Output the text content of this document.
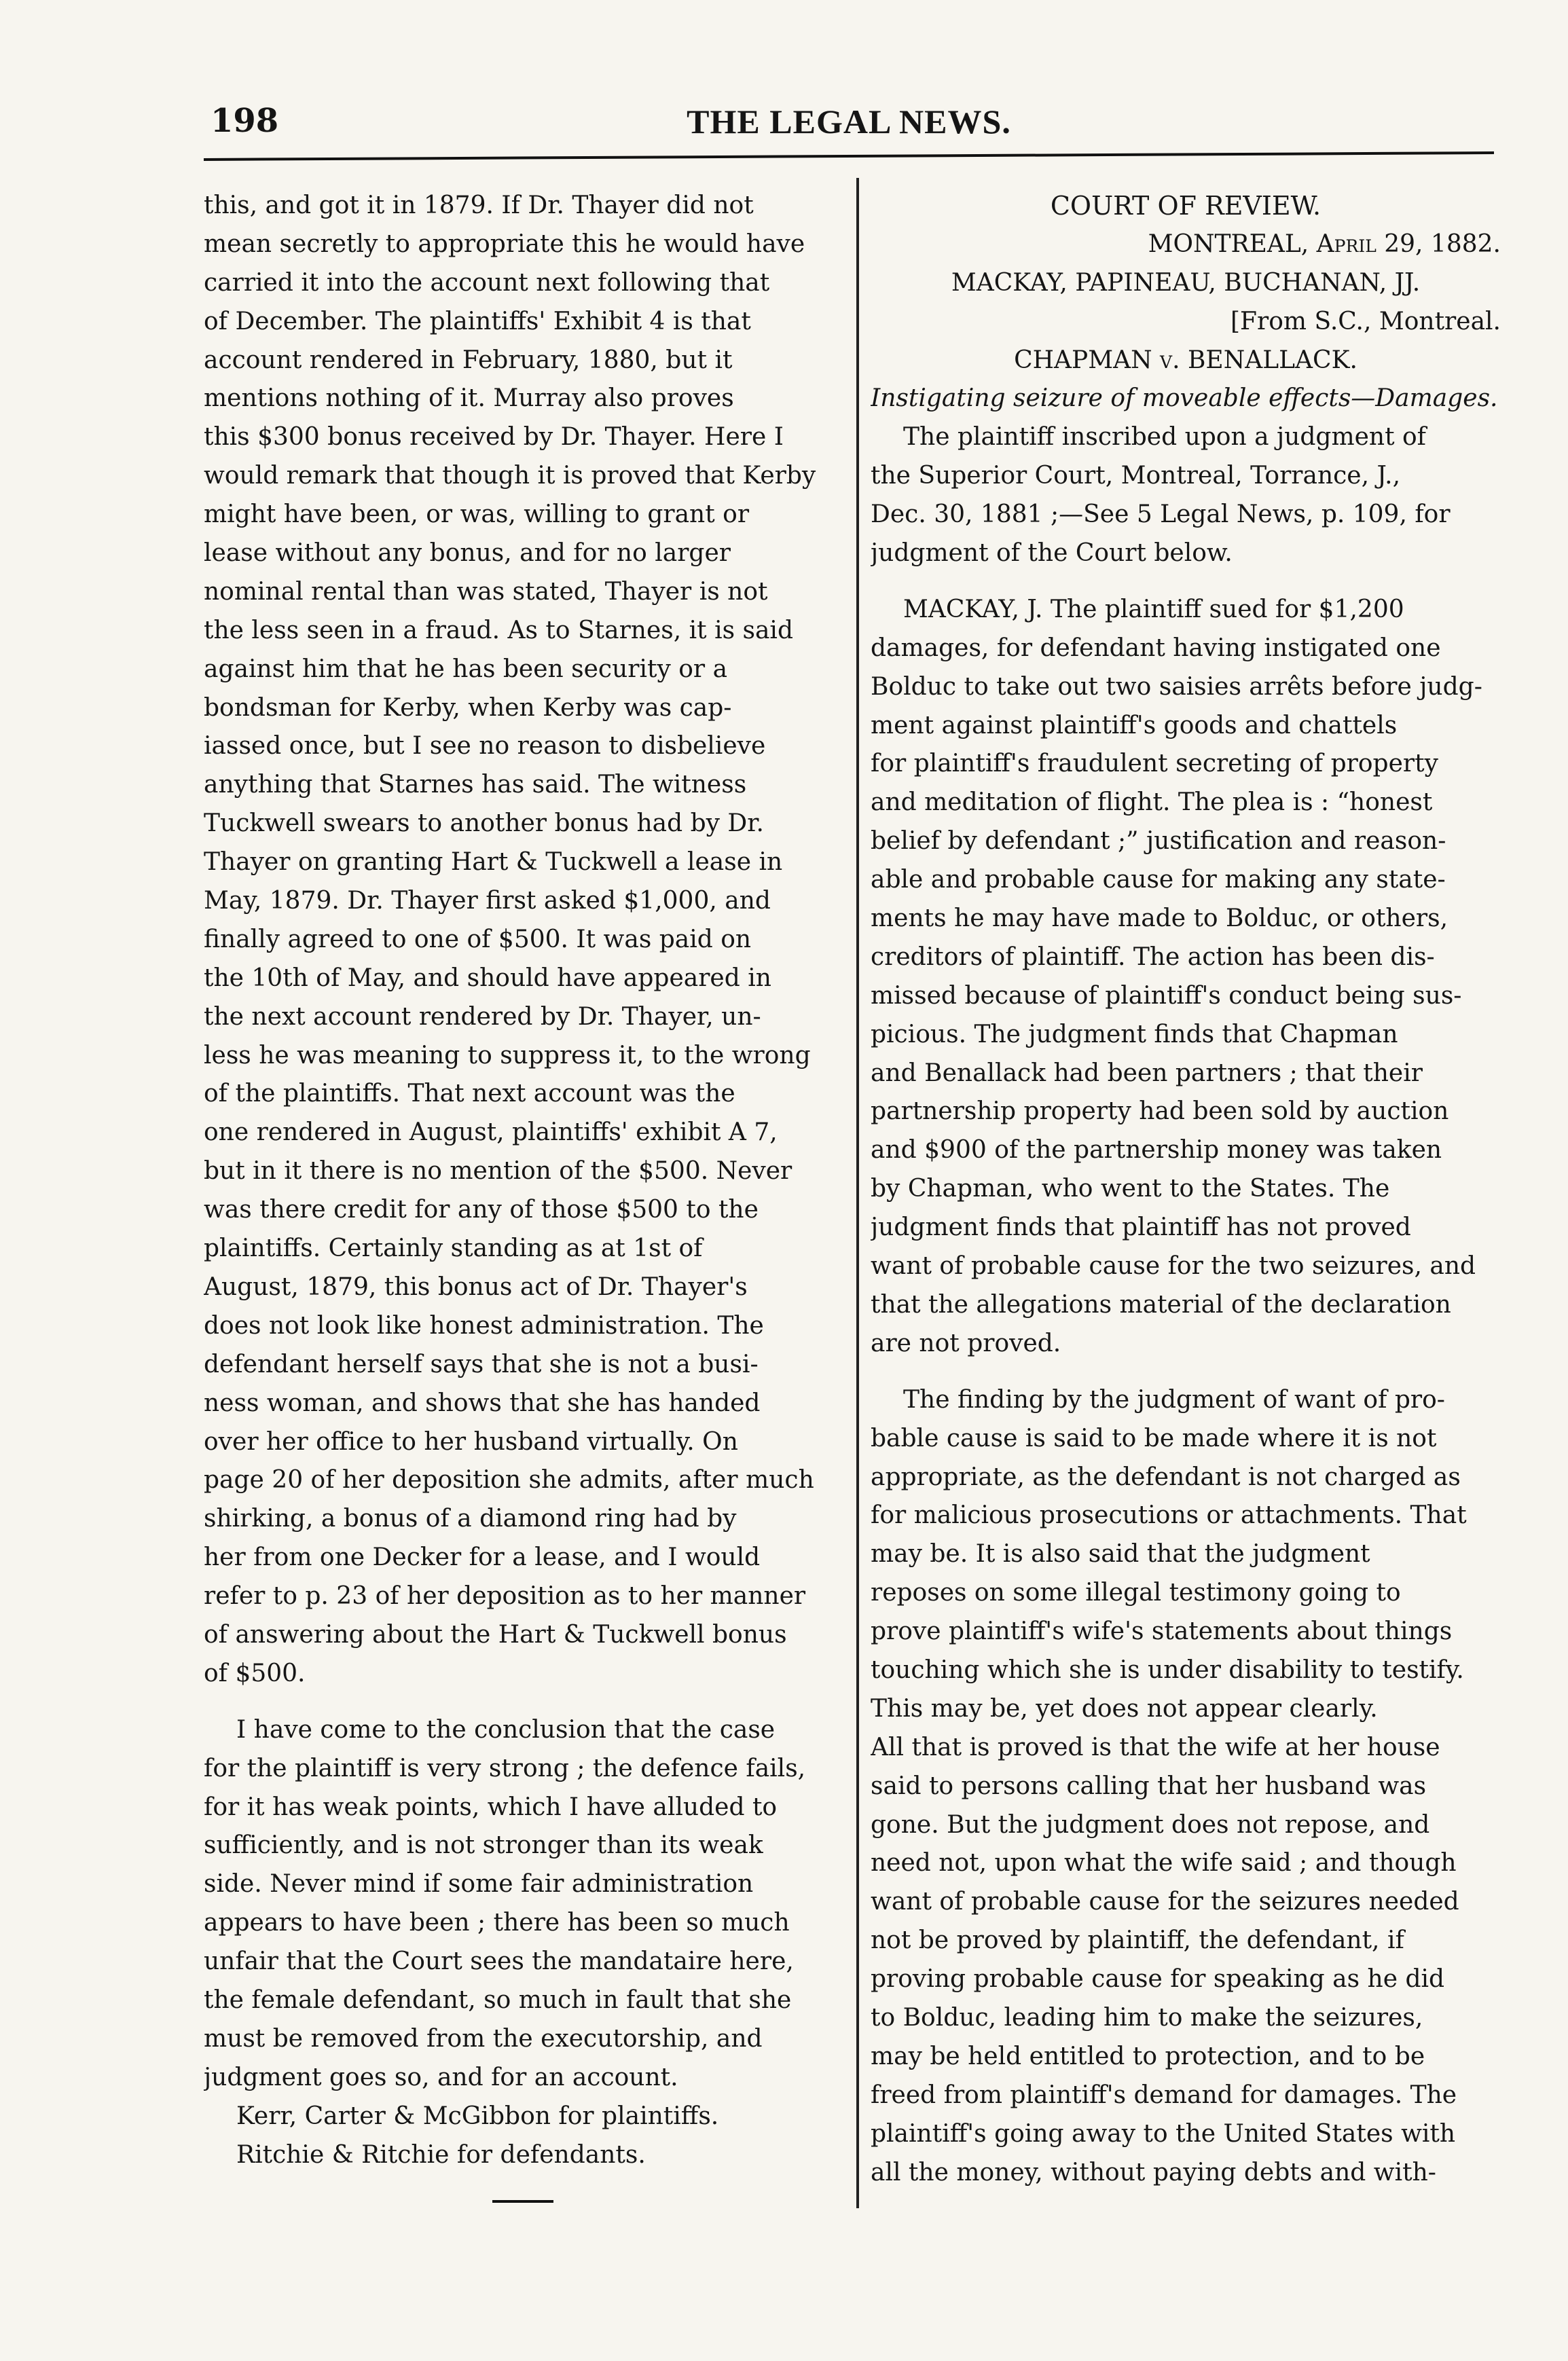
198	THE LEGAL NEWS.
this, and got it in 1879. If Dr. Thayer did not
mean secretly to appropriate this he would have
carried it into the account next following that
of December. The plaintiffs' Exhibit 4 is that
account rendered in February, 1880, but it
mentions nothing of it. Murray also proves
this $300 bonus received by Dr. Thayer. Here I
would remark that though it is proved that Kerby
might have been, or was, willing to grant or
lease without any bonus, and for no larger
nominal rental than was stated, Thayer is not
the less seen in a fraud. As to Starnes, it is said
against him that he has been security or a
bondsman for Kerby, when Kerby was cap-
iassed once, but I see no reason to disbelieve
anything that Starnes has said. The witness
Tuckwell swears to another bonus had by Dr.
Thayer on granting Hart & Tuckwell a lease in
May, 1879. Dr. Thayer first asked $1,000, and
finally agreed to one of $500. It was paid on
the 10th of May, and should have appeared in
the next account rendered by Dr. Thayer, un-
less he was meaning to suppress it, to the wrong
of the plaintiffs. That next account was the
one rendered in August, plaintiffs' exhibit A 7,
but in it there is no mention of the $500. Never
was there credit for any of those $500 to the
plaintiffs. Certainly standing as at 1st of
August, 1879, this bonus act of Dr. Thayer's
does not look like honest administration. The
defendant herself says that she is not a busi-
ness woman, and shows that she has handed
over her office to her husband virtually. On
page 20 of her deposition she admits, after much
shirking, a bonus of a diamond ring had by
her from one Decker for a lease, and I would
refer to p. 23 of her deposition as to her manner
of answering about the Hart & Tuckwell bonus
of $500.
I have come to the conclusion that the case
for the plaintiff is very strong ; the defence fails,
for it has weak points, which I have alluded to
sufficiently, and is not stronger than its weak
side. Never mind if some fair administration
appears to have been ; there has been so much
unfair that the Court sees the mandataire here,
the female defendant, so much in fault that she
must be removed from the executorship, and
judgment goes so, and for an account.
Kerr, Carter & McGibbon for plaintiffs.
Ritchie & Ritchie for defendants.
COURT OF REVIEW.
MONTREAL, April 29, 1882.
MACKAY, PAPINEAU, BUCHANAN, JJ.
[From S.C., Montreal.
CHAPMAN v. BENALLACK.
Instigating seizure of moveable effects—Damages.
The plaintiff inscribed upon a judgment of
the Superior Court, Montreal, Torrance, J.,
Dec. 30, 1881 ;—See 5 Legal News, p. 109, for
judgment of the Court below.
MACKAY, J. The plaintiff sued for $1,200
damages, for defendant having instigated one
Bolduc to take out two saisies arrêts before judg-
ment against plaintiff's goods and chattels
for plaintiff's fraudulent secreting of property
and meditation of flight. The plea is : “honest
belief by defendant ;” justification and reason-
able and probable cause for making any state-
ments he may have made to Bolduc, or others,
creditors of plaintiff. The action has been dis-
missed because of plaintiff's conduct being sus-
picious. The judgment finds that Chapman
and Benallack had been partners ; that their
partnership property had been sold by auction
and $900 of the partnership money was taken
by Chapman, who went to the States. The
judgment finds that plaintiff has not proved
want of probable cause for the two seizures, and
that the allegations material of the declaration
are not proved.
The finding by the judgment of want of pro-
bable cause is said to be made where it is not
appropriate, as the defendant is not charged as
for malicious prosecutions or attachments. That
may be. It is also said that the judgment
reposes on some illegal testimony going to
prove plaintiff's wife's statements about things
touching which she is under disability to testify.
This may be, yet does not appear clearly.
All that is proved is that the wife at her house
said to persons calling that her husband was
gone. But the judgment does not repose, and
need not, upon what the wife said ; and though
want of probable cause for the seizures needed
not be proved by plaintiff, the defendant, if
proving probable cause for speaking as he did
to Bolduc, leading him to make the seizures,
may be held entitled to protection, and to be
freed from plaintiff's demand for damages. The
plaintiff's going away to the United States with
all the money, without paying debts and with-
